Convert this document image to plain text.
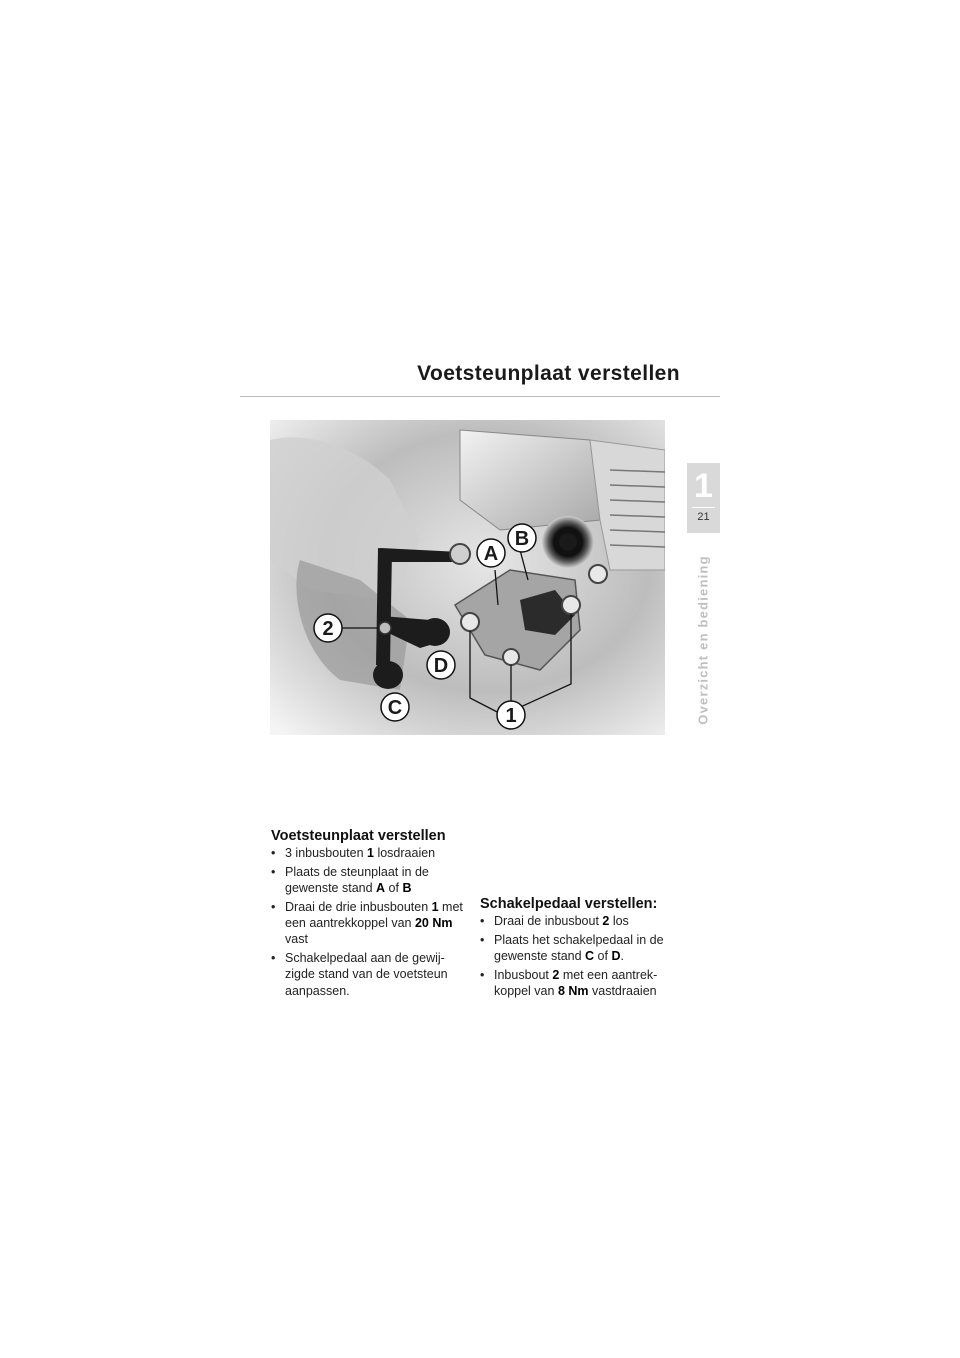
Voetsteunplaat verstellen
1
21
Overzicht en bediening
2
A
B
D
C	1
Voetsteunplaat verstellen
• 3 inbusbouten 1 losdraaien
• Plaats de steunplaat in de gewenste stand A of B
• Draai de drie inbusbouten 1 met een aantrekkoppel van 20 Nm vast
• Schakelpedaal aan de gewij-zigde stand van de voetsteun aanpassen.
Schakelpedaal verstellen:
• Draai de inbusbout 2 los
• Plaats het schakelpedaal in de gewenste stand C of D.
• Inbusbout 2 met een aantrek-koppel van 8 Nm vastdraaien
